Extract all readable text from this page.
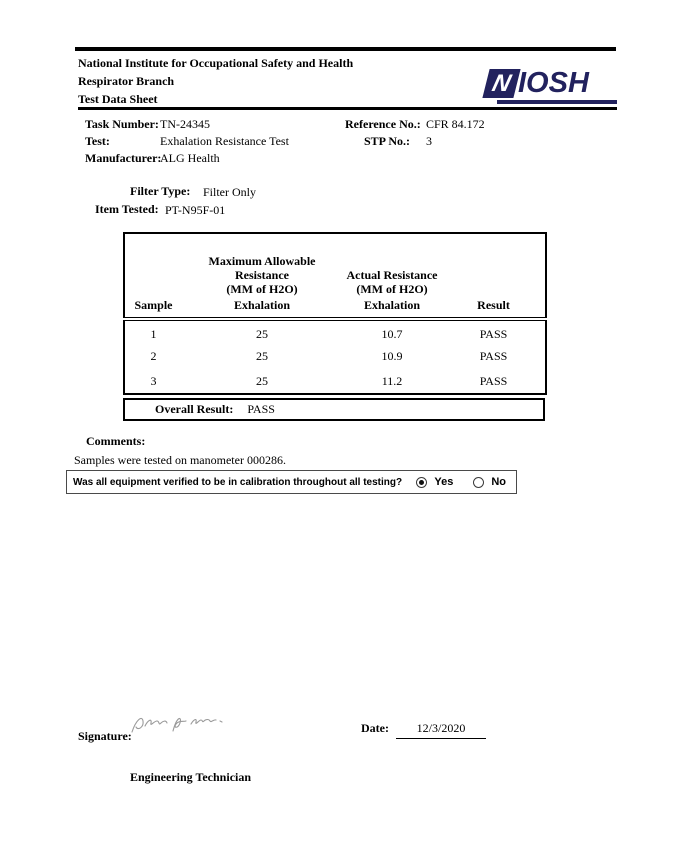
National Institute for Occupational Safety and Health
Respirator Branch
Test Data Sheet
N IOSH
Task Number: TN-24345	Reference No.: CFR 84.172
Test:	Exhalation Resistance Test	STP No.: 3
Manufacturer:
ALG Health
Filter Type: Filter Only
Item Tested: PT-N95F-01

Maximum Allowable Resistance
(MM of H2O)

Actual Resistance
(MM of H2O)

Sample	Exhalation	Exhalation	Result
1	25	10.7	PASS
2	25	10.9	PASS
3	25	11.2	PASS
Overall Result: PASS
Comments:
Samples were tested on manometer 000286.
Was all equipment verified to be in calibration throughout all testing?	Yes	No
Signature:
Date:	12/3/2020
Engineering Technician
